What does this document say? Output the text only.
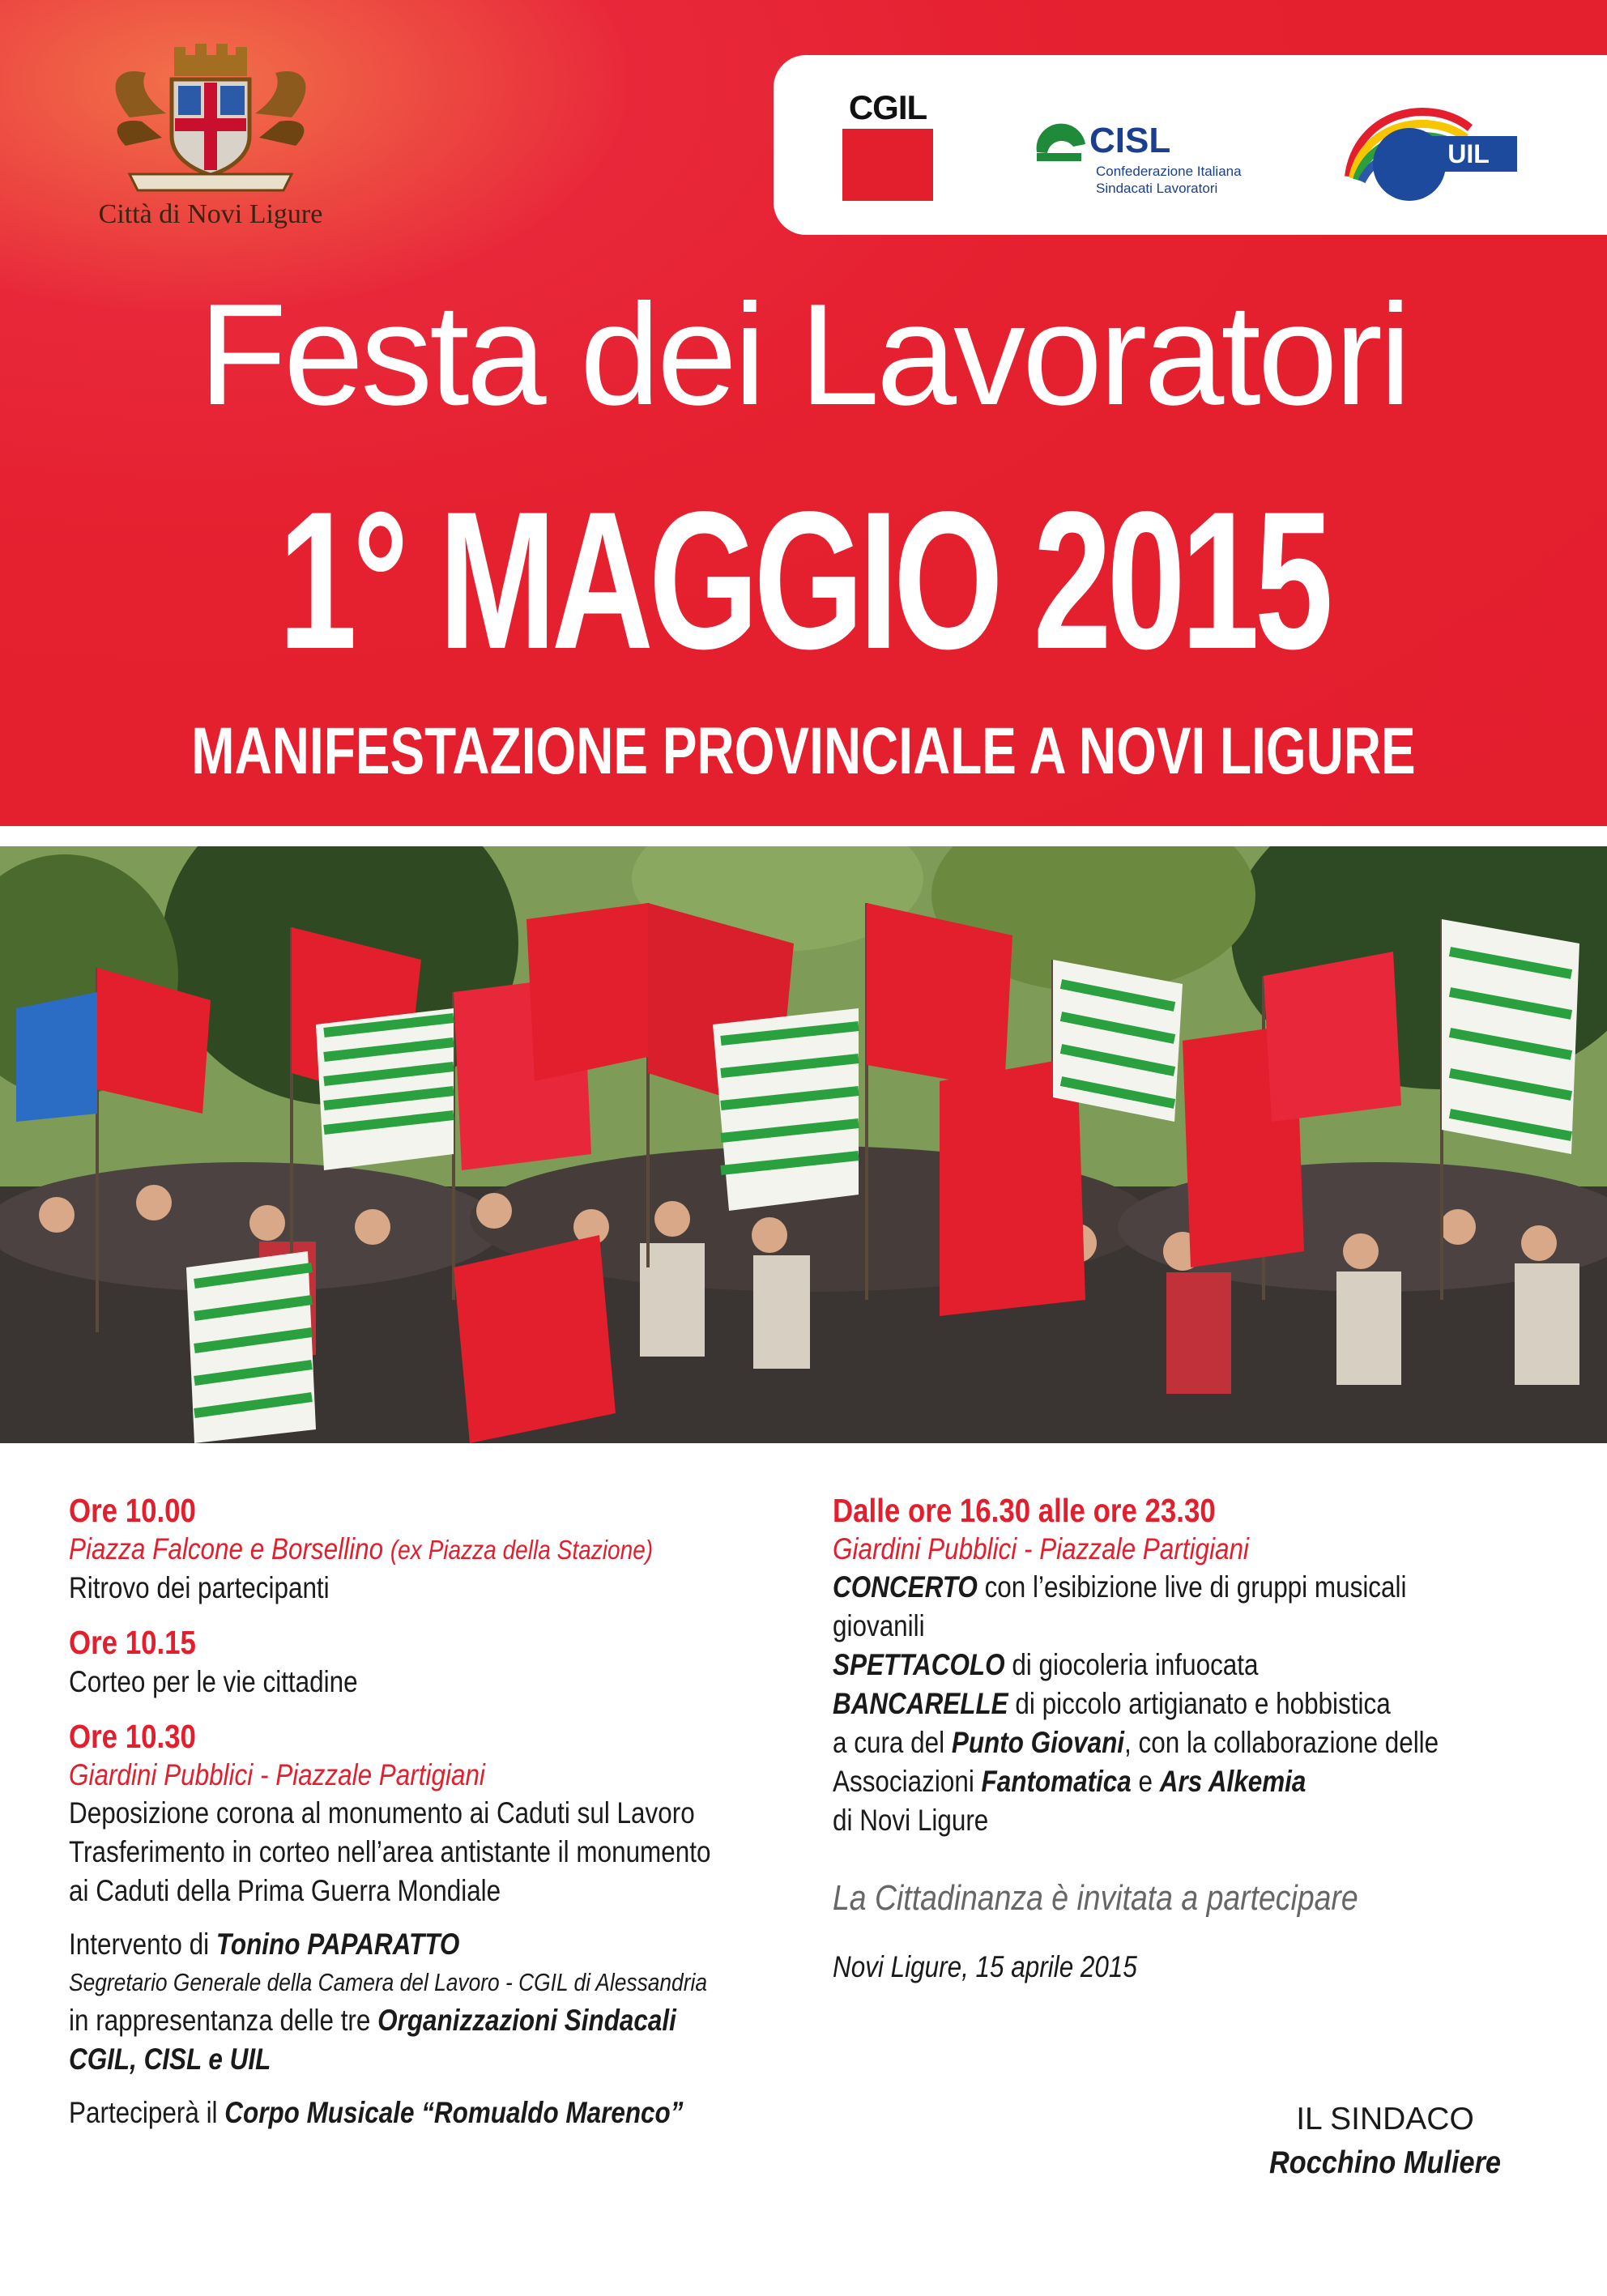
Città di Novi Ligure
CGIL
CISL
Confederazione Italiana
Sindacati Lavoratori
UIL
Festa dei Lavoratori
1° MAGGIO 2015
MANIFESTAZIONE PROVINCIALE A NOVI LIGURE
Ore 10.00
Piazza Falcone e Borsellino (ex Piazza della Stazione)
Ritrovo dei partecipanti
Ore 10.15
Corteo per le vie cittadine
Ore 10.30
Giardini Pubblici - Piazzale Partigiani
Deposizione corona al monumento ai Caduti sul Lavoro
Trasferimento in corteo nell’area antistante il monumento
ai Caduti della Prima Guerra Mondiale
Intervento di Tonino PAPARATTO
Segretario Generale della Camera del Lavoro - CGIL di Alessandria
in rappresentanza delle tre Organizzazioni Sindacali
CGIL, CISL e UIL
Parteciperà il Corpo Musicale “Romualdo Marenco”
Dalle ore 16.30 alle ore 23.30
Giardini Pubblici - Piazzale Partigiani
CONCERTO con l’esibizione live di gruppi musicali
giovanili
SPETTACOLO di giocoleria infuocata
BANCARELLE di piccolo artigianato e hobbistica
a cura del Punto Giovani, con la collaborazione delle
Associazioni Fantomatica e Ars Alkemia
di Novi Ligure
La Cittadinanza è invitata a partecipare
Novi Ligure, 15 aprile 2015
IL SINDACO
Rocchino Muliere
